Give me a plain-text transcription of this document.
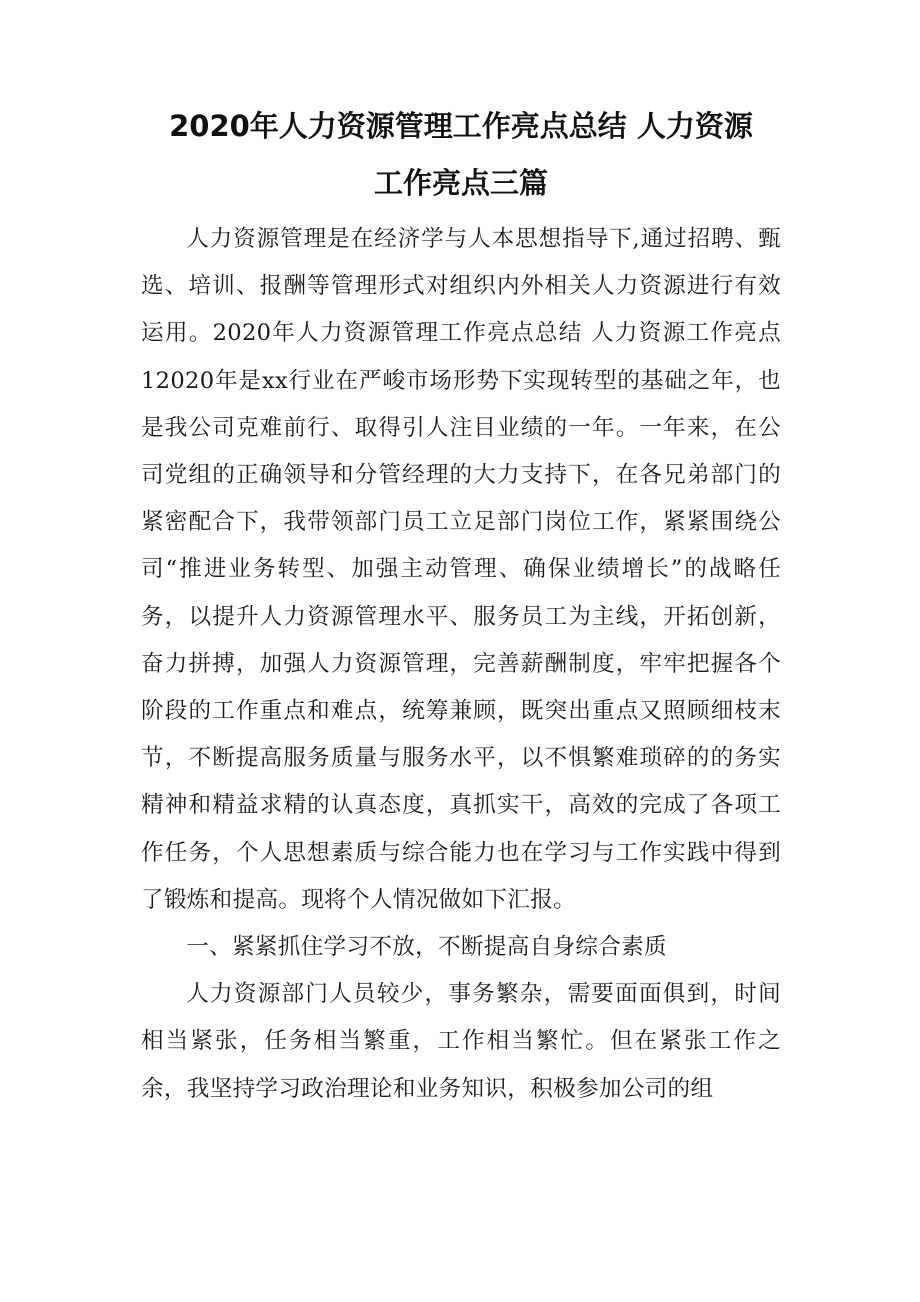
2020年人力资源管理工作亮点总结 人力资源
工作亮点三篇

人力资源管理是在经济学与人本思想指导下,通过招聘、甄选、培训、报酬等管理形式对组织内外相关人力资源进行有效运用。2020年人力资源管理工作亮点总结 人力资源工作亮点12020年是xx行业在严峻市场形势下实现转型的基础之年，也是我公司克难前行、取得引人注目业绩的一年。一年来，在公司党组的正确领导和分管经理的大力支持下，在各兄弟部门的紧密配合下，我带领部门员工立足部门岗位工作，紧紧围绕公司“推进业务转型、加强主动管理、确保业绩增长”的战略任务，以提升人力资源管理水平、服务员工为主线，开拓创新，奋力拼搏，加强人力资源管理，完善薪酬制度，牢牢把握各个阶段的工作重点和难点，统筹兼顾，既突出重点又照顾细枝末节，不断提高服务质量与服务水平，以不惧繁难琐碎的的务实精神和精益求精的认真态度，真抓实干，高效的完成了各项工作任务，个人思想素质与综合能力也在学习与工作实践中得到了锻炼和提高。现将个人情况做如下汇报。

一、紧紧抓住学习不放，不断提高自身综合素质

人力资源部门人员较少，事务繁杂，需要面面俱到，时间相当紧张，任务相当繁重，工作相当繁忙。但在紧张工作之余，我坚持学习政治理论和业务知识，积极参加公司的组
